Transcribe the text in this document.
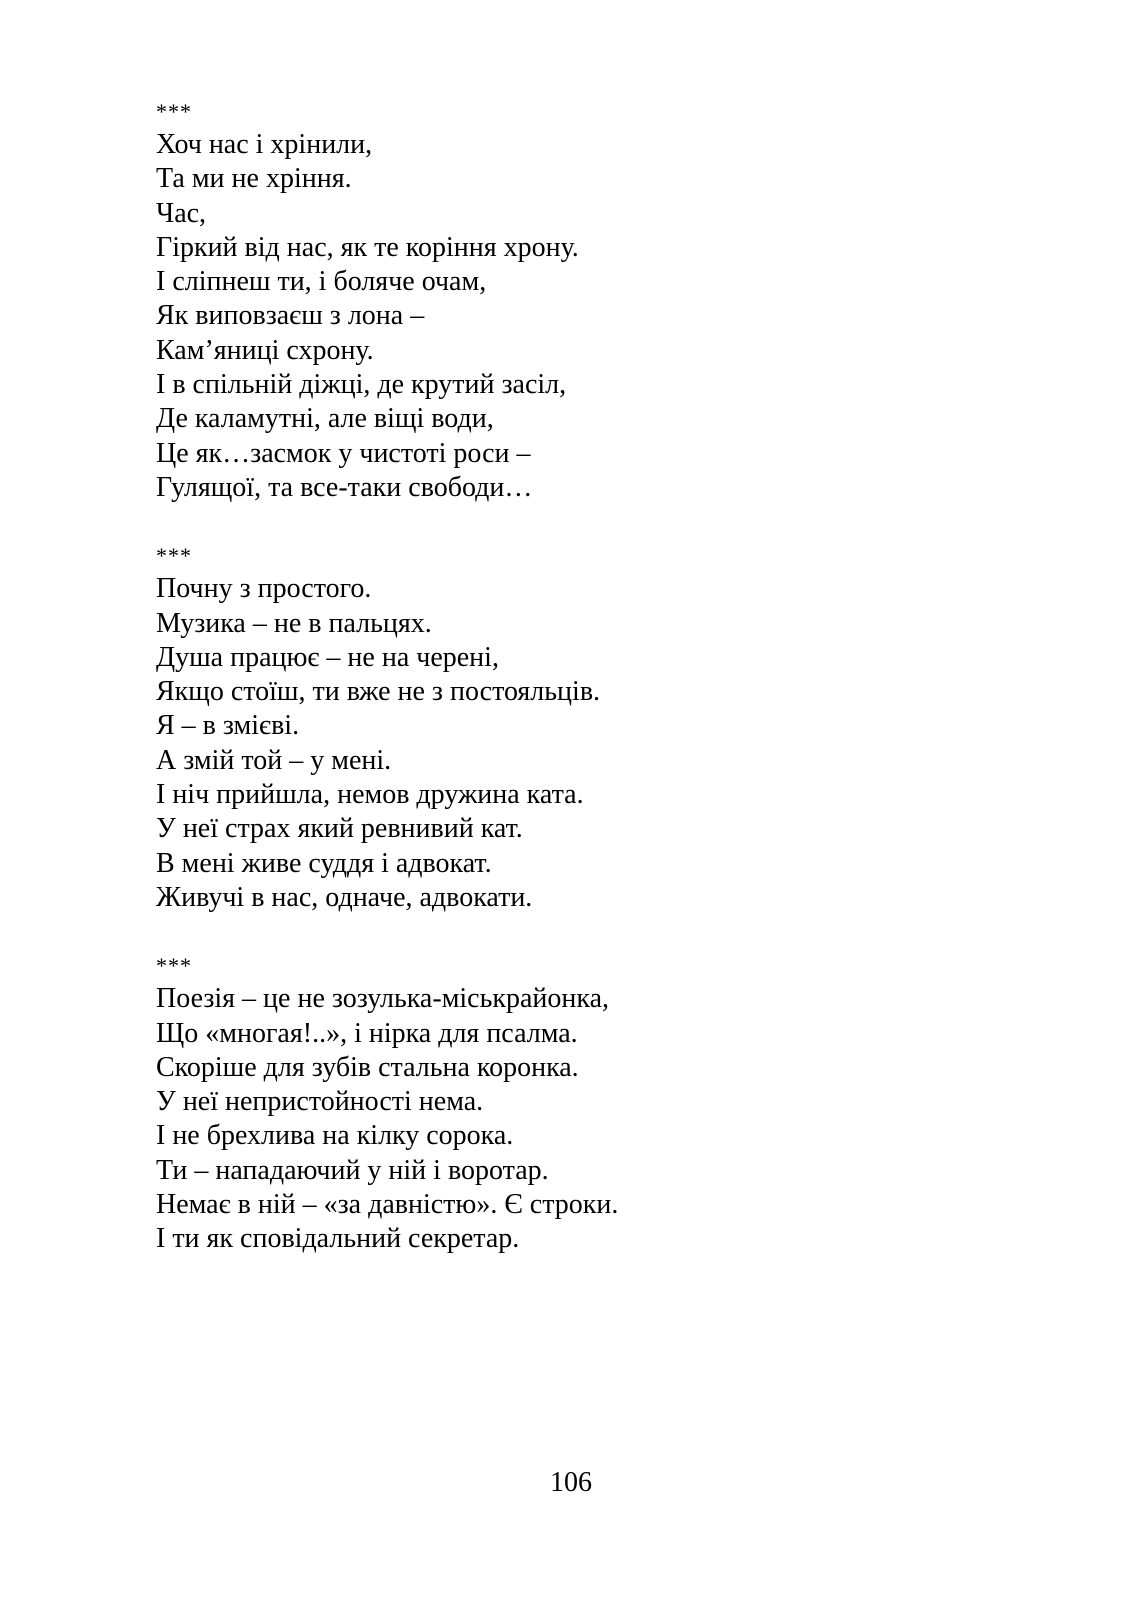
***
Хоч нас і хрінили,
Та ми не хріння.
Час,
Гіркий від нас, як те коріння хрону.
І сліпнеш ти, і боляче очам,
Як виповзаєш з лона –
Кам’яниці схрону.
І в спільній діжці, де крутий засіл,
Де каламутні, але віщі води,
Це як…засмок у чистоті роси –
Гулящої, та все-таки свободи…
***
Почну з простого.
Музика – не в пальцях.
Душа працює – не на черені,
Якщо стоїш, ти вже не з постояльців.
Я – в змієві.
А змій той – у мені.
І ніч прийшла, немов дружина ката.
У неї страх який ревнивий кат.
В мені живе суддя і адвокат.
Живучі в нас, одначе, адвокати.
***
Поезія – це не зозулька-міськрайонка,
Що «многая!..», і нірка для псалма.
Скоріше для зубів стальна коронка.
У неї непристойності нема.
І не брехлива на кілку сорока.
Ти – нападаючий у ній і воротар.
Немає в ній – «за давністю». Є строки.
І ти як сповідальний секретар.
106
